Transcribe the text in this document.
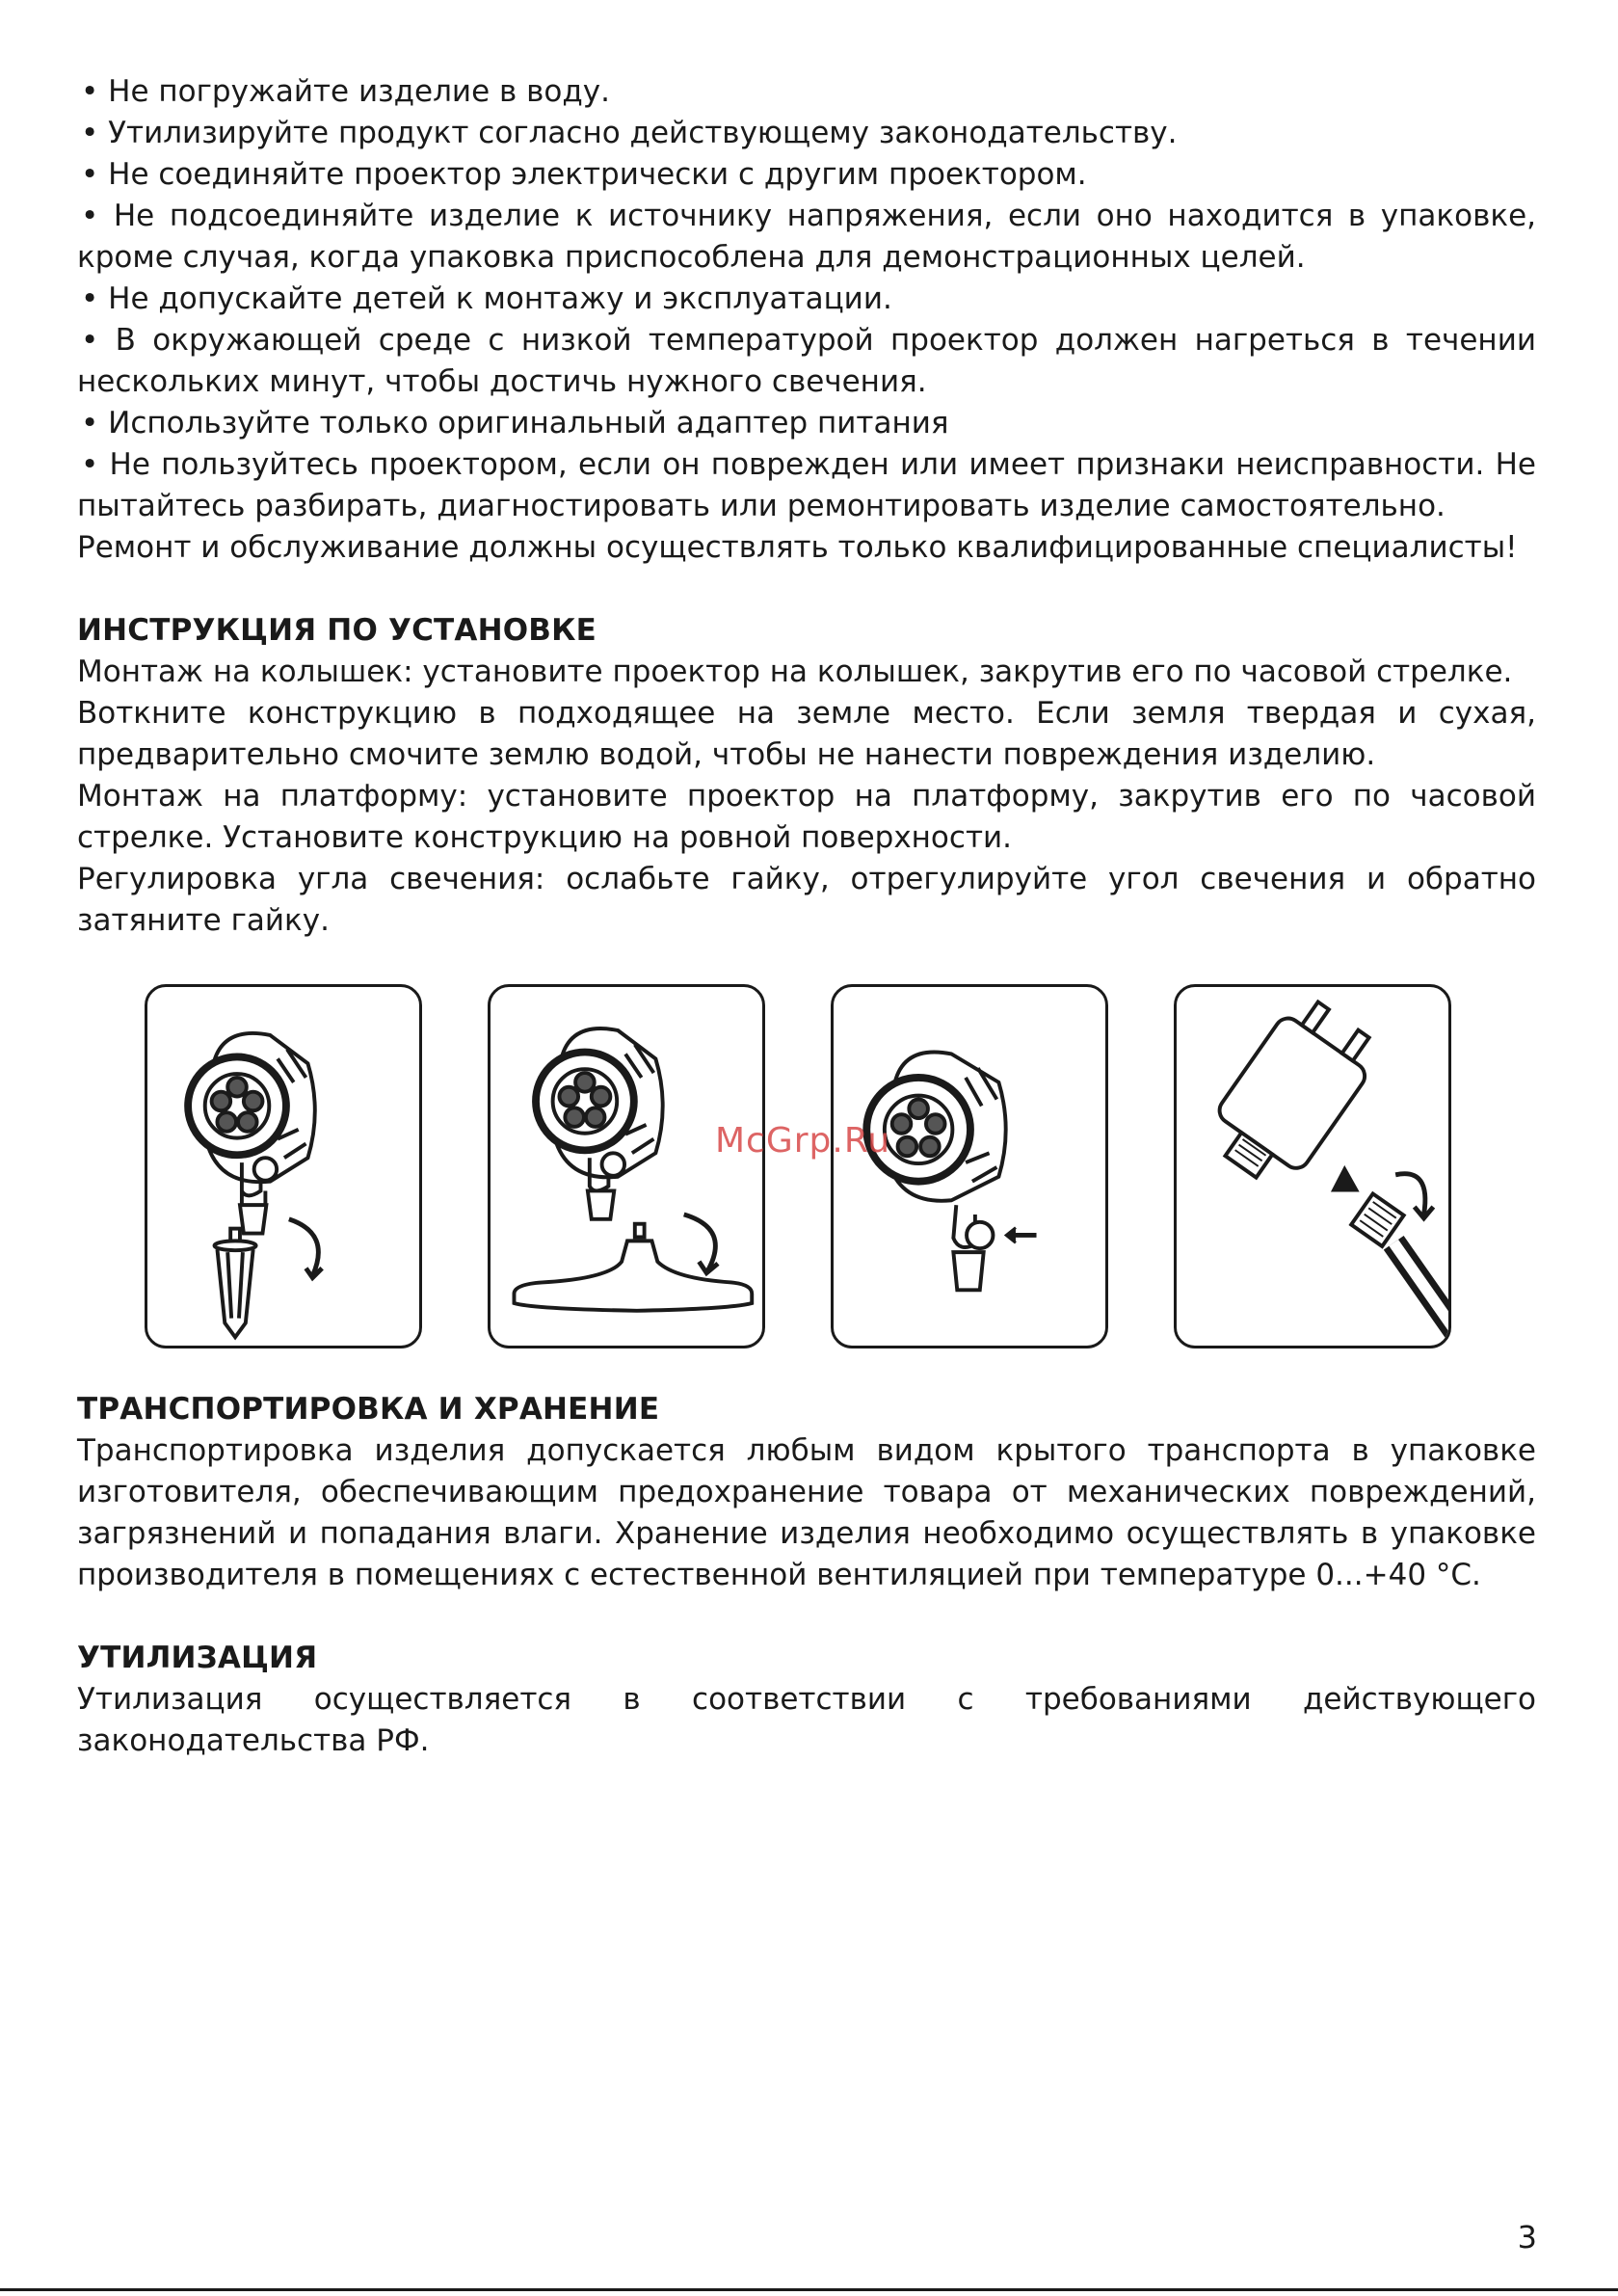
• Не погружайте изделие в воду.

• Утилизируйте продукт согласно действующему законодательству.

• Не соединяйте проектор электрически с другим проектором.

• Не подсоединяйте изделие к источнику напряжения, если оно находится в упаковке, кроме случая, когда упаковка приспособлена для демонстрационных целей.

• Не допускайте детей к монтажу и эксплуатации.

• В окружающей среде с низкой температурой проектор должен нагреться в течении нескольких минут, чтобы достичь нужного свечения.

• Используйте только оригинальный адаптер питания

• Не пользуйтесь проектором, если он поврежден или имеет признаки неисправности. Не пытайтесь разбирать, диагностировать или ремонтировать изделие самостоятельно.

Ремонт и обслуживание должны осуществлять только квалифицированные специалисты!

ИНСТРУКЦИЯ ПО УСТАНОВКЕ

Монтаж на колышек: установите проектор на колышек, закрутив его по часовой стрелке.

Воткните конструкцию в подходящее на земле место. Если земля твердая и сухая, предварительно смочите землю водой, чтобы не нанести повреждения изделию.

Монтаж на платформу: установите проектор на платформу, закрутив его по часовой стрелке. Установите конструкцию на ровной поверхности.

Регулировка угла свечения: ослабьте гайку, отрегулируйте угол свечения и обратно затяните гайку.

McGrp.Ru
ТРАНСПОРТИРОВКА И ХРАНЕНИЕ

Транспортировка изделия допускается любым видом крытого транспорта в упаковке изготовителя, обеспечивающим предохранение товара от механических повреждений, загрязнений и попадания влаги. Хранение изделия необходимо осуществлять в упаковке производителя в помещениях с естественной вентиляцией при температуре 0...+40 °С.

УТИЛИЗАЦИЯ

Утилизация осуществляется в соответствии с требованиями действующего законодательства РФ.

3
